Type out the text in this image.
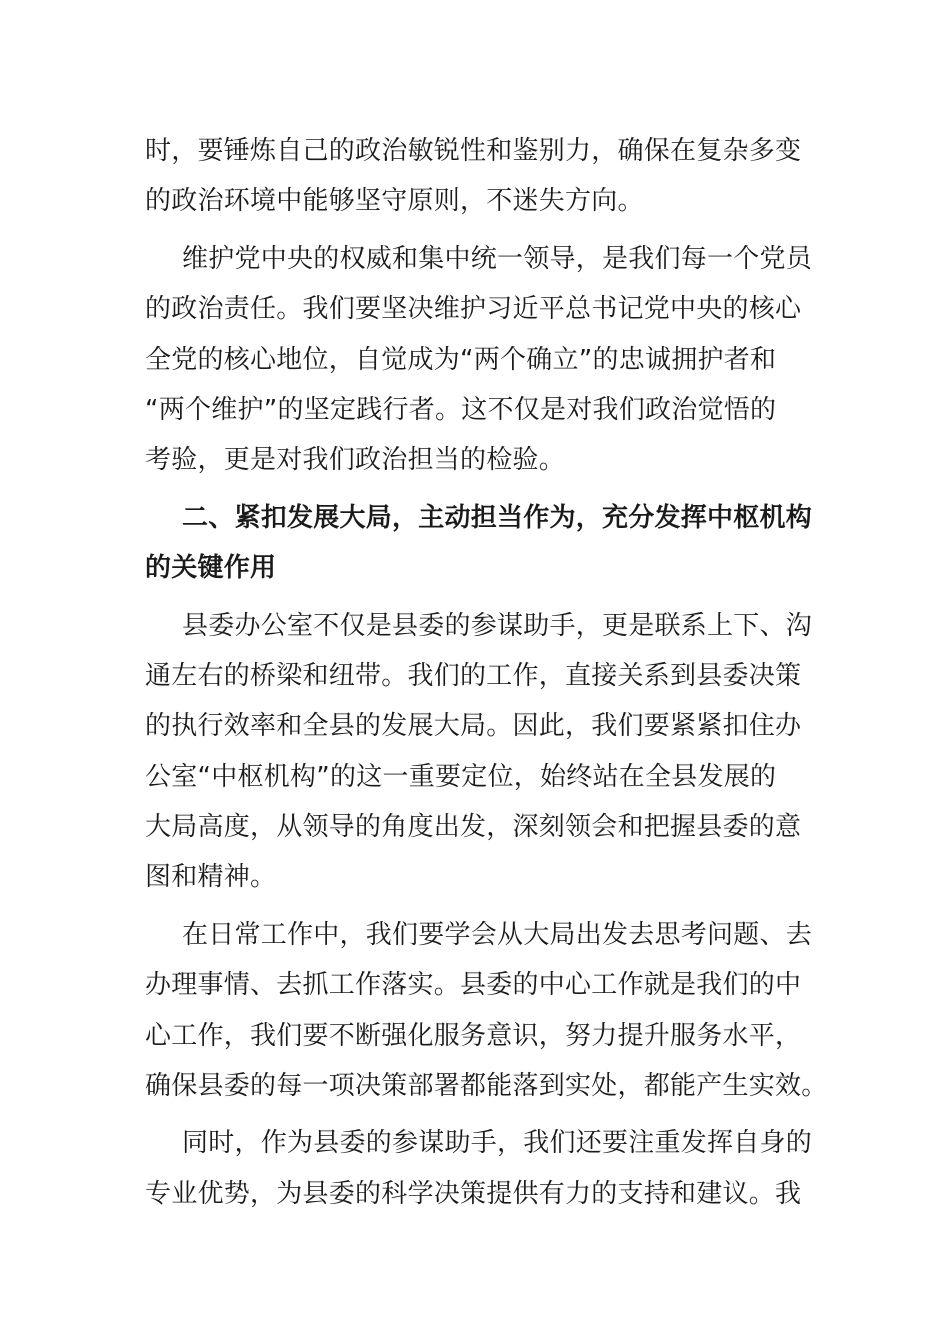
时，要锤炼自己的政治敏锐性和鉴别力，确保在复杂多变
的政治环境中能够坚守原则，不迷失方向。
维护党中央的权威和集中统一领导，是我们每一个党员
的政治责任。我们要坚决维护习近平总书记党中央的核心
全党的核心地位，自觉成为“两个确立”的忠诚拥护者和
“两个维护”的坚定践行者。这不仅是对我们政治觉悟的
考验，更是对我们政治担当的检验。
二、紧扣发展大局，主动担当作为，充分发挥中枢机构
的关键作用
县委办公室不仅是县委的参谋助手，更是联系上下、沟
通左右的桥梁和纽带。我们的工作，直接关系到县委决策
的执行效率和全县的发展大局。因此，我们要紧紧扣住办
公室“中枢机构”的这一重要定位，始终站在全县发展的
大局高度，从领导的角度出发，深刻领会和把握县委的意
图和精神。
在日常工作中，我们要学会从大局出发去思考问题、去
办理事情、去抓工作落实。县委的中心工作就是我们的中
心工作，我们要不断强化服务意识，努力提升服务水平，
确保县委的每一项决策部署都能落到实处，都能产生实效。
同时，作为县委的参谋助手，我们还要注重发挥自身的
专业优势，为县委的科学决策提供有力的支持和建议。我
